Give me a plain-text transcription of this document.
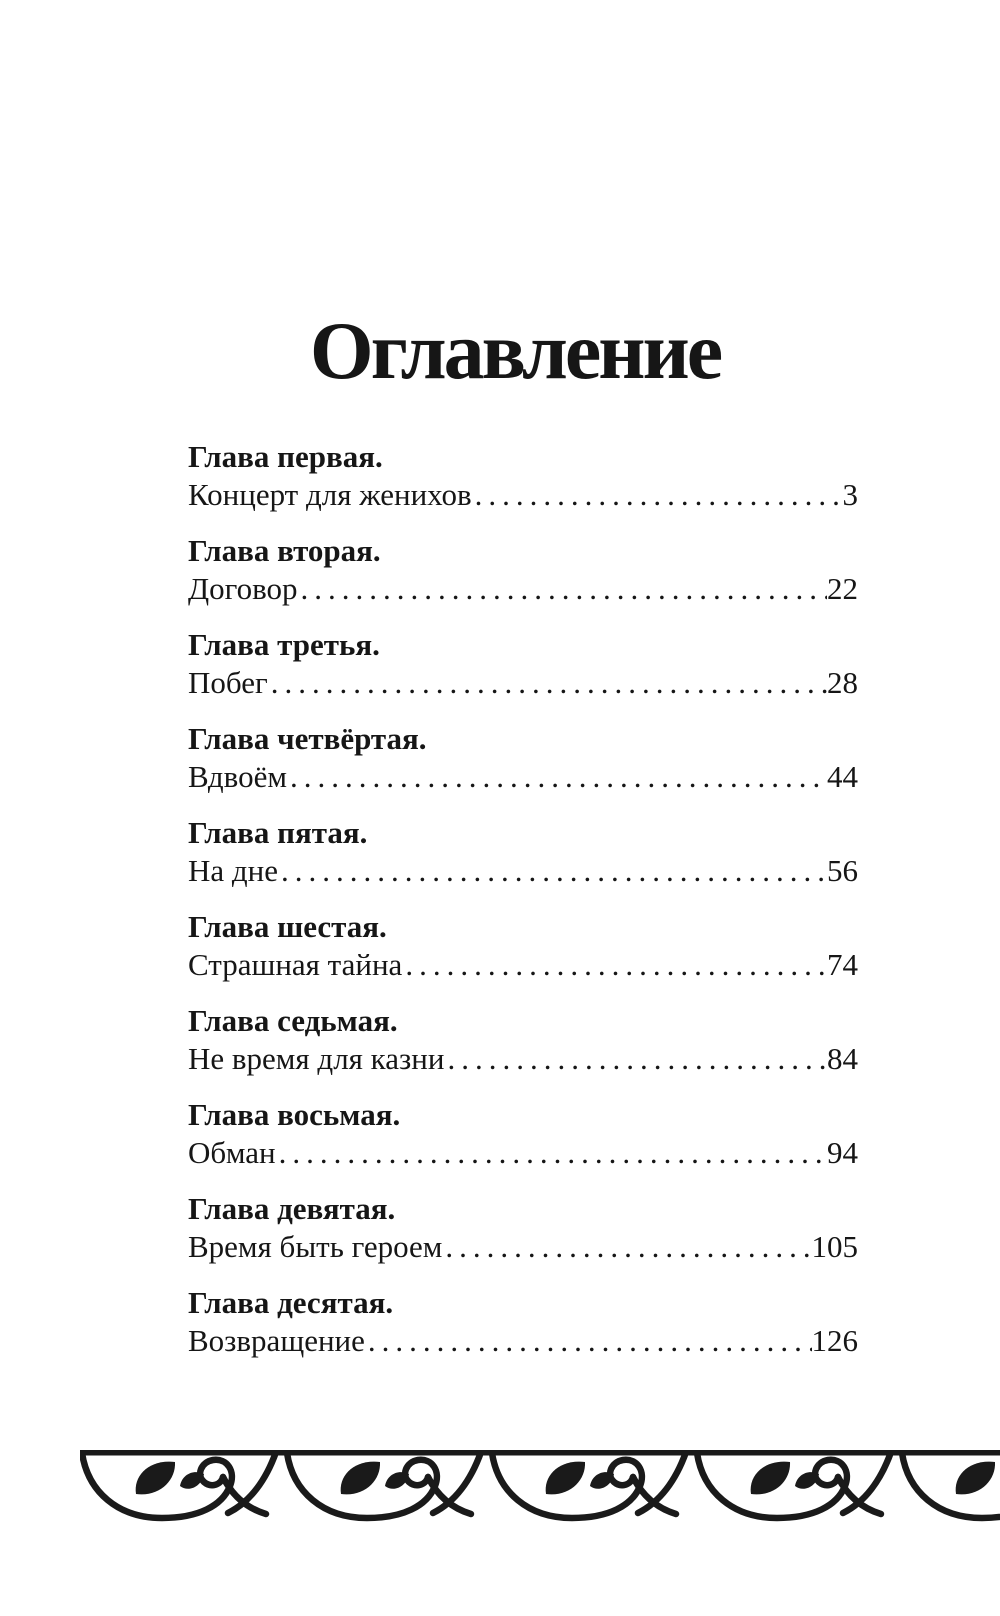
Оглавление
Глава первая.
Концерт для женихов .....	3
Глава вторая.
Договор .....	22
Глава третья.
Побег .....	28
Глава четвёртая.
Вдвоём .....	44
Глава пятая.
На дне .....	56
Глава шестая.
Страшная тайна .....	74
Глава седьмая.
Не время для казни .....	84
Глава восьмая.
Обман .....	94
Глава девятая.
Время быть героем .....	105
Глава десятая.
Возвращение .....	126
